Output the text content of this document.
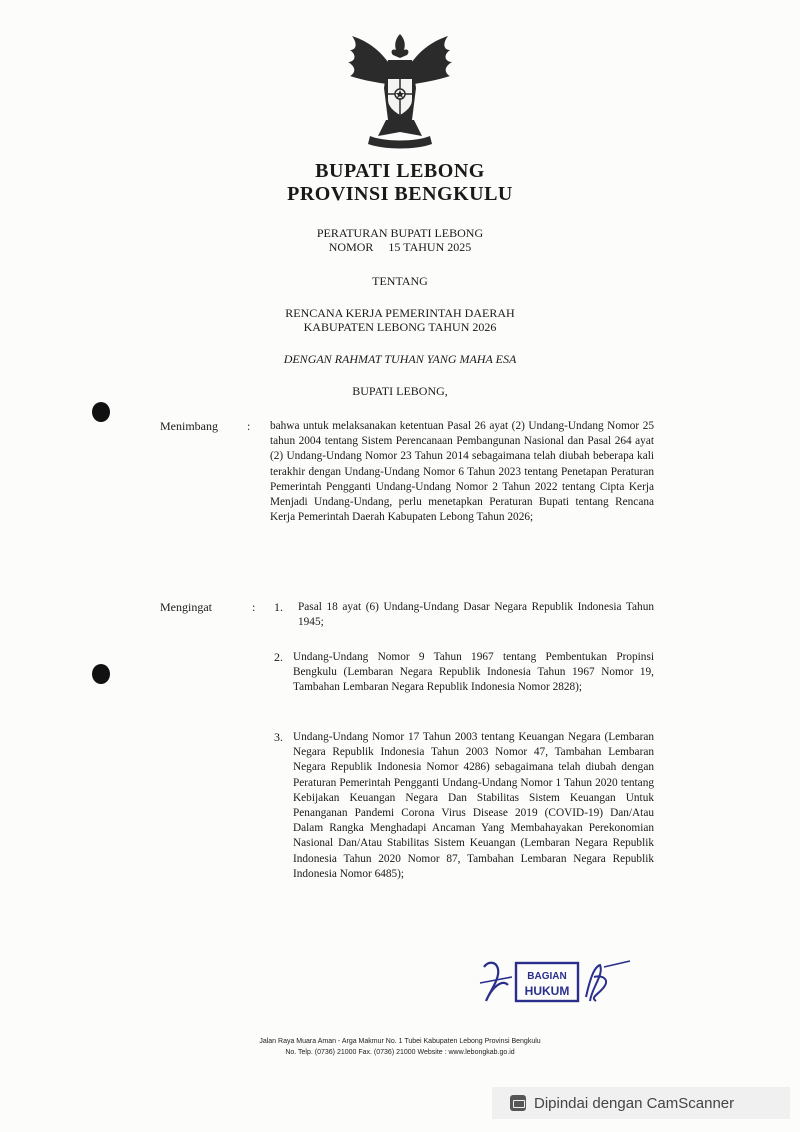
BUPATI LEBONG
PROVINSI BENGKULU
PERATURAN BUPATI LEBONG
NOMOR     15 TAHUN 2025
TENTANG
RENCANA KERJA PEMERINTAH DAERAH
KABUPATEN LEBONG TAHUN 2026
DENGAN RAHMAT TUHAN YANG MAHA ESA
BUPATI LEBONG,
Menimbang : bahwa untuk melaksanakan ketentuan Pasal 26 ayat (2) Undang-Undang Nomor 25 tahun 2004 tentang Sistem Perencanaan Pembangunan Nasional dan Pasal 264 ayat (2) Undang-Undang Nomor 23 Tahun 2014 sebagaimana telah diubah beberapa kali terakhir dengan Undang-Undang Nomor 6 Tahun 2023 tentang Penetapan Peraturan Pemerintah Pengganti Undang-Undang Nomor 2 Tahun 2022 tentang Cipta Kerja Menjadi Undang-Undang, perlu menetapkan Peraturan Bupati tentang Rencana Kerja Pemerintah Daerah Kabupaten Lebong Tahun 2026;
Mengingat	: 1. Pasal 18 ayat (6) Undang-Undang Dasar Negara Republik Indonesia Tahun 1945;
2. Undang-Undang Nomor 9 Tahun 1967 tentang Pembentukan Propinsi Bengkulu (Lembaran Negara Republik Indonesia Tahun 1967 Nomor 19, Tambahan Lembaran Negara Republik Indonesia Nomor 2828);
3. Undang-Undang Nomor 17 Tahun 2003 tentang Keuangan Negara (Lembaran Negara Republik Indonesia Tahun 2003 Nomor 47, Tambahan Lembaran Negara Republik Indonesia Nomor 4286) sebagaimana telah diubah dengan Peraturan Pemerintah Pengganti Undang-Undang Nomor 1 Tahun 2020 tentang Kebijakan Keuangan Negara Dan Stabilitas Sistem Keuangan Untuk Penanganan Pandemi Corona Virus Disease 2019 (COVID-19) Dan/Atau Dalam Rangka Menghadapi Ancaman Yang Membahayakan Perekonomian Nasional Dan/Atau Stabilitas Sistem Keuangan (Lembaran Negara Republik Indonesia Tahun 2020 Nomor 87, Tambahan Lembaran Negara Republik Indonesia Nomor 6485);
BAGIAN
HUKUM
Jalan Raya Muara Aman - Arga Makmur No. 1 Tubei Kabupaten Lebong Provinsi Bengkulu
No. Telp. (0736) 21000 Fax. (0736) 21000 Website : www.lebongkab.go.id
Dipindai dengan CamScanner
